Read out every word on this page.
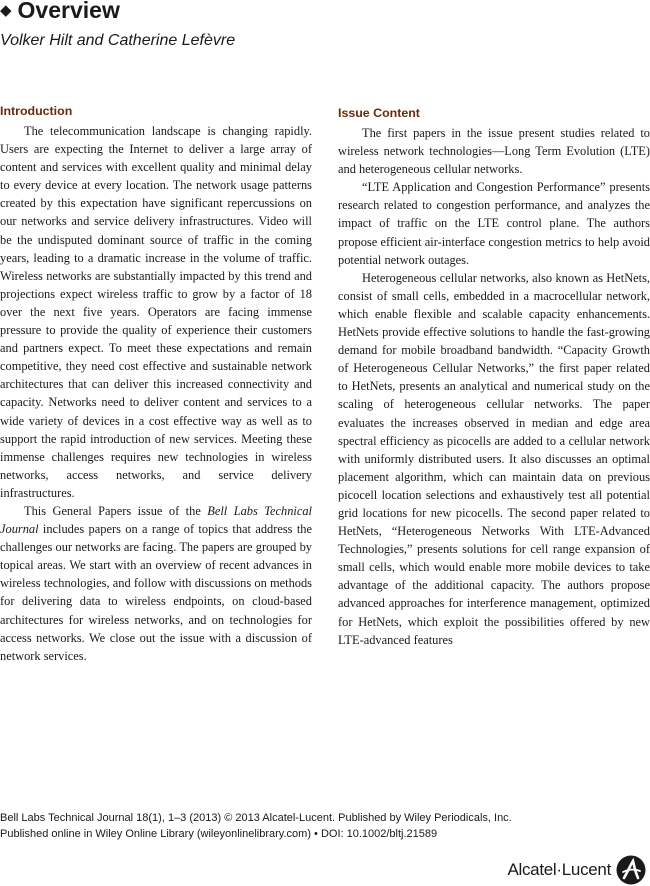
◆ Overview

Volker Hilt and Catherine Lefèvre

Introduction

The telecommunication landscape is changing rapidly. Users are expecting the Internet to deliver a large array of content and services with excellent quality and minimal delay to every device at every location. The network usage patterns created by this expectation have significant repercussions on our networks and service delivery infrastructures. Video will be the undisputed dominant source of traffic in the coming years, leading to a dramatic increase in the volume of traffic. Wireless networks are substantially impacted by this trend and projections expect wireless traffic to grow by a factor of 18 over the next five years. Operators are facing immense pressure to provide the quality of experience their customers and partners expect. To meet these expectations and remain competitive, they need cost effective and sustainable network architectures that can deliver this increased connectivity and capacity. Networks need to deliver content and services to a wide variety of devices in a cost effective way as well as to support the rapid introduction of new services. Meeting these immense challenges requires new technologies in wireless networks, access networks, and service delivery infrastructures.

This General Papers issue of the Bell Labs Technical Journal includes papers on a range of topics that address the challenges our networks are facing. The papers are grouped by topical areas. We start with an overview of recent advances in wireless technologies, and follow with discussions on methods for delivering data to wireless endpoints, on cloud-based architectures for wireless networks, and on technologies for access networks. We close out the issue with a discussion of network services.

Issue Content

The first papers in the issue present studies related to wireless network technologies—Long Term Evolution (LTE) and heterogeneous cellular networks.

“LTE Application and Congestion Performance” presents research related to congestion performance, and analyzes the impact of traffic on the LTE control plane. The authors propose efficient air-interface congestion metrics to help avoid potential network outages.

Heterogeneous cellular networks, also known as HetNets, consist of small cells, embedded in a macrocellular network, which enable flexible and scalable capacity enhancements. HetNets provide effective solutions to handle the fast-growing demand for mobile broadband bandwidth. “Capacity Growth of Heterogeneous Cellular Networks,” the first paper related to HetNets, presents an analytical and numerical study on the scaling of heterogeneous cellular networks. The paper evaluates the increases observed in median and edge area spectral efficiency as picocells are added to a cellular network with uniformly distributed users. It also discusses an optimal placement algorithm, which can maintain data on previous picocell location selections and exhaustively test all potential grid locations for new picocells. The second paper related to HetNets, “Heterogeneous Networks With LTE-Advanced Technologies,” presents solutions for cell range expansion of small cells, which would enable more mobile devices to take advantage of the additional capacity. The authors propose advanced approaches for interference management, optimized for HetNets, which exploit the possibilities offered by new LTE-advanced features

Bell Labs Technical Journal 18(1), 1–3 (2013) © 2013 Alcatel-Lucent. Published by Wiley Periodicals, Inc.

Published online in Wiley Online Library (wileyonlinelibrary.com) • DOI: 10.1002/bltj.21589

Alcatel·Lucent
